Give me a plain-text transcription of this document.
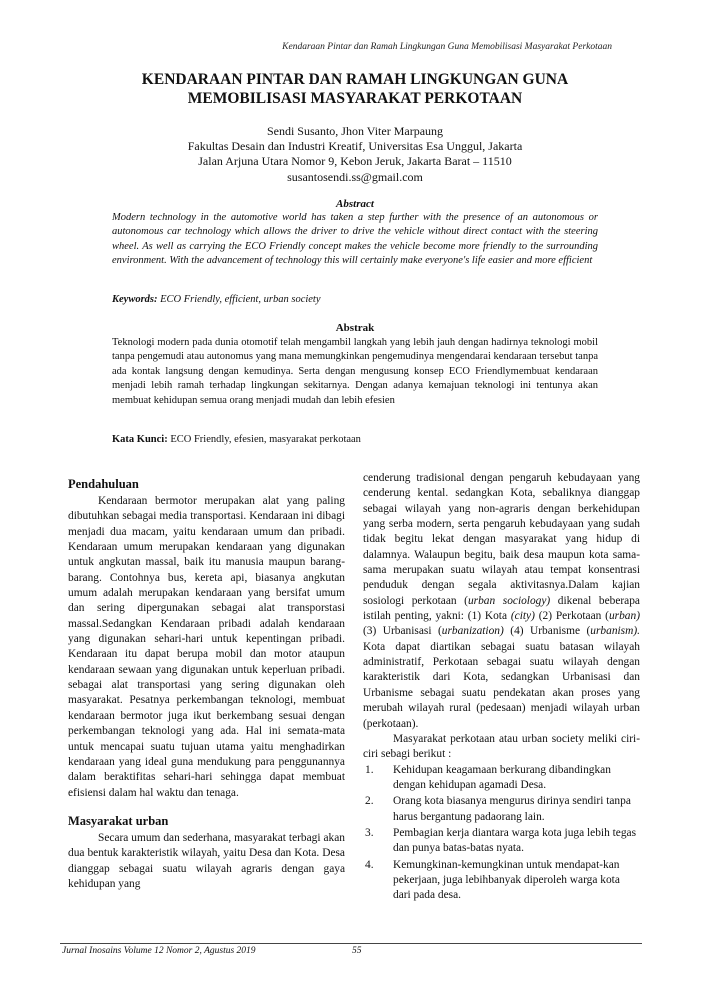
Kendaraan Pintar dan Ramah Lingkungan Guna Memobilisasi Masyarakat Perkotaan
KENDARAAN PINTAR DAN RAMAH LINGKUNGAN GUNA
MEMOBILISASI MASYARAKAT PERKOTAAN
Sendi Susanto, Jhon Viter Marpaung
Fakultas Desain dan Industri Kreatif, Universitas Esa Unggul, Jakarta
Jalan Arjuna Utara Nomor 9, Kebon Jeruk, Jakarta Barat – 11510
susantosendi.ss@gmail.com
Abstract
Modern technology in the automotive world has taken a step further with the presence of an autonomous or autonomous car technology which allows the driver to drive the vehicle without direct contact with the steering wheel. As well as carrying the ECO Friendly concept makes the vehicle become more friendly to the surrounding environment. With the advancement of technology this will certainly make everyone's life easier and more efficient
Keywords: ECO Friendly, efficient, urban society
Abstrak
Teknologi modern pada dunia otomotif telah mengambil langkah yang lebih jauh dengan hadirnya teknologi mobil tanpa pengemudi atau autonomus yang mana memungkinkan pengemudinya mengendarai kendaraan tersebut tanpa ada kontak langsung dengan kemudinya. Serta dengan mengusung konsep ECO Friendlymembuat kendaraan menjadi lebih ramah terhadap lingkungan sekitarnya. Dengan adanya kemajuan teknologi ini tentunya akan membuat kehidupan semua orang menjadi mudah dan lebih efesien
Kata Kunci: ECO Friendly, efesien, masyarakat perkotaan
Pendahuluan

Kendaraan bermotor merupakan alat yang paling dibutuhkan sebagai media transportasi. Kendaraan ini dibagi menjadi dua macam, yaitu kendaraan umum dan pribadi. Kendaraan umum merupakan kendaraan yang digunakan untuk angkutan massal, baik itu manusia maupun barang-barang. Contohnya bus, kereta api, biasanya angkutan umum adalah merupakan kendaraan yang bersifat umum dan sering dipergunakan sebagai alat transporstasi massal.Sedangkan Kendaraan pribadi adalah kendaraan yang digunakan sehari-hari untuk kepentingan pribadi. Kendaraan itu dapat berupa mobil dan motor ataupun kendaraan sewaan yang digunakan untuk keperluan pribadi. sebagai alat transportasi yang sering digunakan oleh masyarakat. Pesatnya perkembangan teknologi, membuat kendaraan bermotor juga ikut berkembang sesuai dengan perkembangan teknologi yang ada. Hal ini semata-mata untuk mencapai suatu tujuan utama yaitu menghadirkan kendaraan yang ideal guna mendukung para penggunannya dalam beraktifitas sehari-hari sehingga dapat membuat efisiensi dalam hal waktu dan tenaga.

Masyarakat urban

Secara umum dan sederhana, masyarakat terbagi akan dua bentuk karakteristik wilayah, yaitu Desa dan Kota. Desa dianggap sebagai suatu wilayah agraris dengan gaya kehidupan yang

cenderung tradisional dengan pengaruh kebudayaan yang cenderung kental. sedangkan Kota, sebaliknya dianggap sebagai wilayah yang non-agraris dengan berkehidupan yang serba modern, serta pengaruh kebudayaan yang sudah tidak begitu lekat dengan masyarakat yang hidup di dalamnya. Walaupun begitu, baik desa maupun kota sama-sama merupakan suatu wilayah atau tempat konsentrasi penduduk dengan segala aktivitasnya.Dalam kajian sosiologi perkotaan (urban sociology) dikenal beberapa istilah penting, yakni: (1) Kota (city) (2) Perkotaan (urban) (3) Urbanisasi (urbanization) (4) Urbanisme (urbanism). Kota dapat diartikan sebagai suatu batasan wilayah administratif, Perkotaan sebagai suatu wilayah dengan karakteristik dari Kota, sedangkan Urbanisasi dan Urbanisme sebagai suatu pendekatan akan proses yang merubah wilayah rural (pedesaan) menjadi wilayah urban (perkotaan).

Masyarakat perkotaan atau urban society meliki ciri-ciri sebagi berikut :

1. Kehidupan keagamaan berkurang dibandingkan dengan kehidupan agamadi Desa.
2. Orang kota biasanya mengurus dirinya sendiri tanpa harus bergantung padaorang lain.
3. Pembagian kerja diantara warga kota juga lebih tegas dan punya batas-batas nyata.
4. Kemungkinan-kemungkinan untuk mendapat-kan pekerjaan, juga lebihbanyak diperoleh warga kota dari pada desa.
Jurnal Inosains Volume 12 Nomor 2, Agustus 2019	55
